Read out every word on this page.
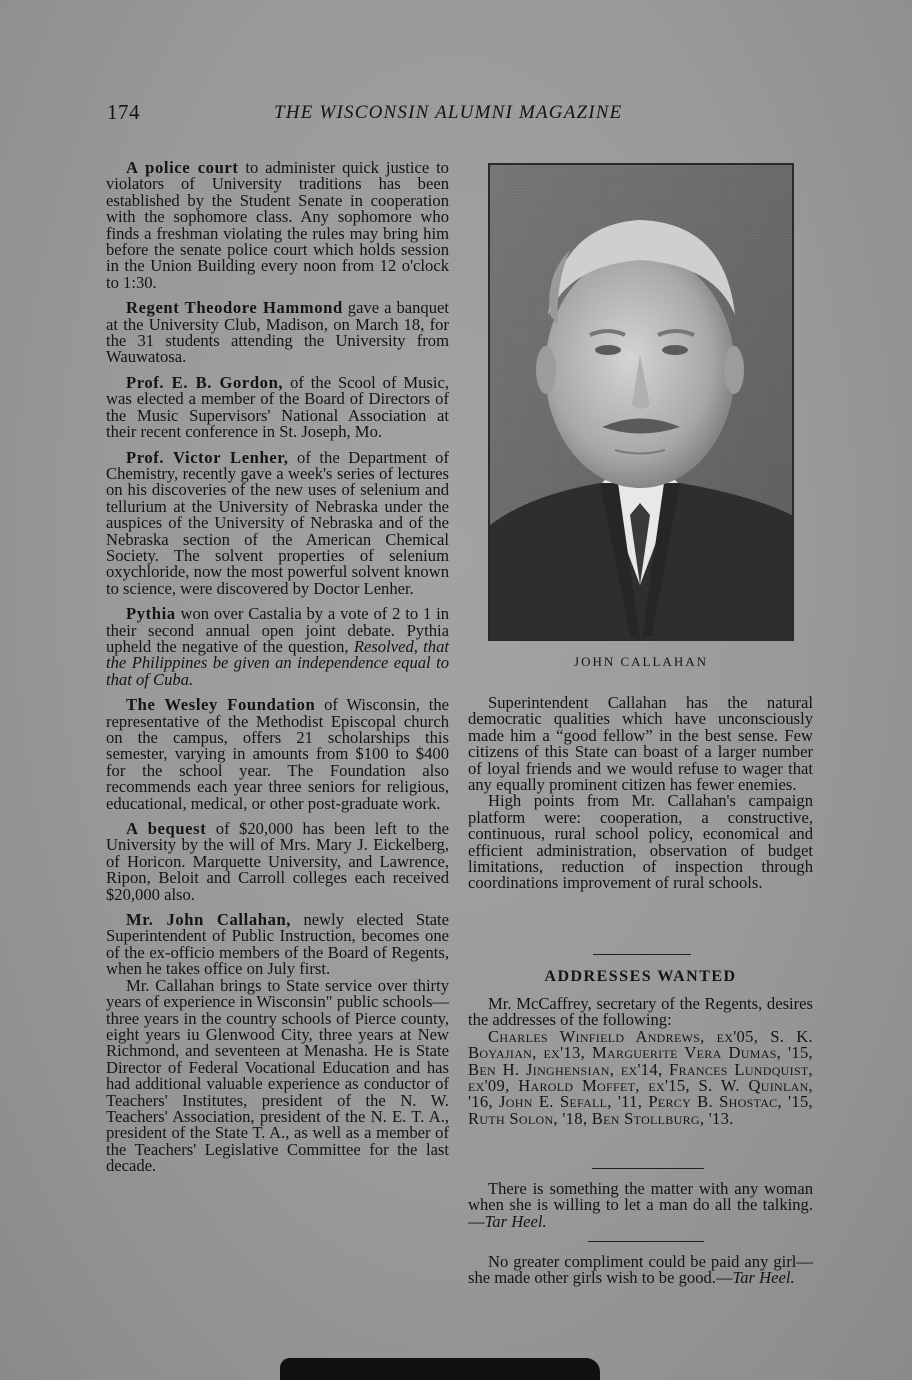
174	THE WISCONSIN ALUMNI MAGAZINE

A police court to administer quick justice to violators of University traditions has been established by the Student Senate in cooperation with the sophomore class. Any sophomore who finds a freshman violating the rules may bring him before the senate police court which holds session in the Union Building every noon from 12 o'clock to 1:30.

Regent Theodore Hammond gave a banquet at the University Club, Madison, on March 18, for the 31 students attending the University from Wauwatosa.

Prof. E. B. Gordon, of the Scool of Music, was elected a member of the Board of Directors of the Music Supervisors' National Association at their recent conference in St. Joseph, Mo.

Prof. Victor Lenher, of the Department of Chemistry, recently gave a week's series of lectures on his discoveries of the new uses of selenium and tellurium at the University of Nebraska under the auspices of the University of Nebraska and of the Nebraska section of the American Chemical Society. The solvent properties of selenium oxychloride, now the most powerful solvent known to science, were discovered by Doctor Lenher.

Pythia won over Castalia by a vote of 2 to 1 in their second annual open joint debate. Pythia upheld the negative of the question, Resolved, that the Philippines be given an independence equal to that of Cuba.

The Wesley Foundation of Wisconsin, the representative of the Methodist Episcopal church on the campus, offers 21 scholarships this semester, varying in amounts from $100 to $400 for the school year. The Foundation also recommends each year three seniors for religious, educational, medical, or other post-graduate work.

A bequest of $20,000 has been left to the University by the will of Mrs. Mary J. Eickelberg, of Horicon. Marquette University, and Lawrence, Ripon, Beloit and Carroll colleges each received $20,000 also.

Mr. John Callahan, newly elected State Superintendent of Public Instruction, becomes one of the ex-officio members of the Board of Regents, when he takes office on July first.

Mr. Callahan brings to State service over thirty years of experience in Wisconsin" public schools—three years in the country schools of Pierce county, eight years iu Glenwood City, three years at New Richmond, and seventeen at Menasha. He is State Director of Federal Vocational Education and has had additional valuable experience as conductor of Teachers' Institutes, president of the N. W. Teachers' Association, president of the N. E. T. A., president of the State T. A., as well as a member of the Teachers' Legislative Committee for the last decade.

JOHN CALLAHAN

Superintendent Callahan has the natural democratic qualities which have unconsciously made him a “good fellow” in the best sense. Few citizens of this State can boast of a larger number of loyal friends and we would refuse to wager that any equally prominent citizen has fewer enemies.

High points from Mr. Callahan's campaign platform were: cooperation, a constructive, continuous, rural school policy, economical and efficient administration, observation of budget limitations, reduction of inspection through coordinations improvement of rural schools.

ADDRESSES WANTED

Mr. McCaffrey, secretary of the Regents, desires the addresses of the following:

Charles Winfield Andrews, ex'05, S. K. Boyajian, ex'13, Marguerite Vera Dumas, '15, Ben H. Jinghensian, ex'14, Frances Lundquist, ex'09, Harold Moffet, ex'15, S. W. Quinlan, '16, John E. Sefall, '11, Percy B. Shostac, '15, Ruth Solon, '18, Ben Stollburg, '13.

There is something the matter with any woman when she is willing to let a man do all the talking.—Tar Heel.

No greater compliment could be paid any girl—she made other girls wish to be good.—Tar Heel.
